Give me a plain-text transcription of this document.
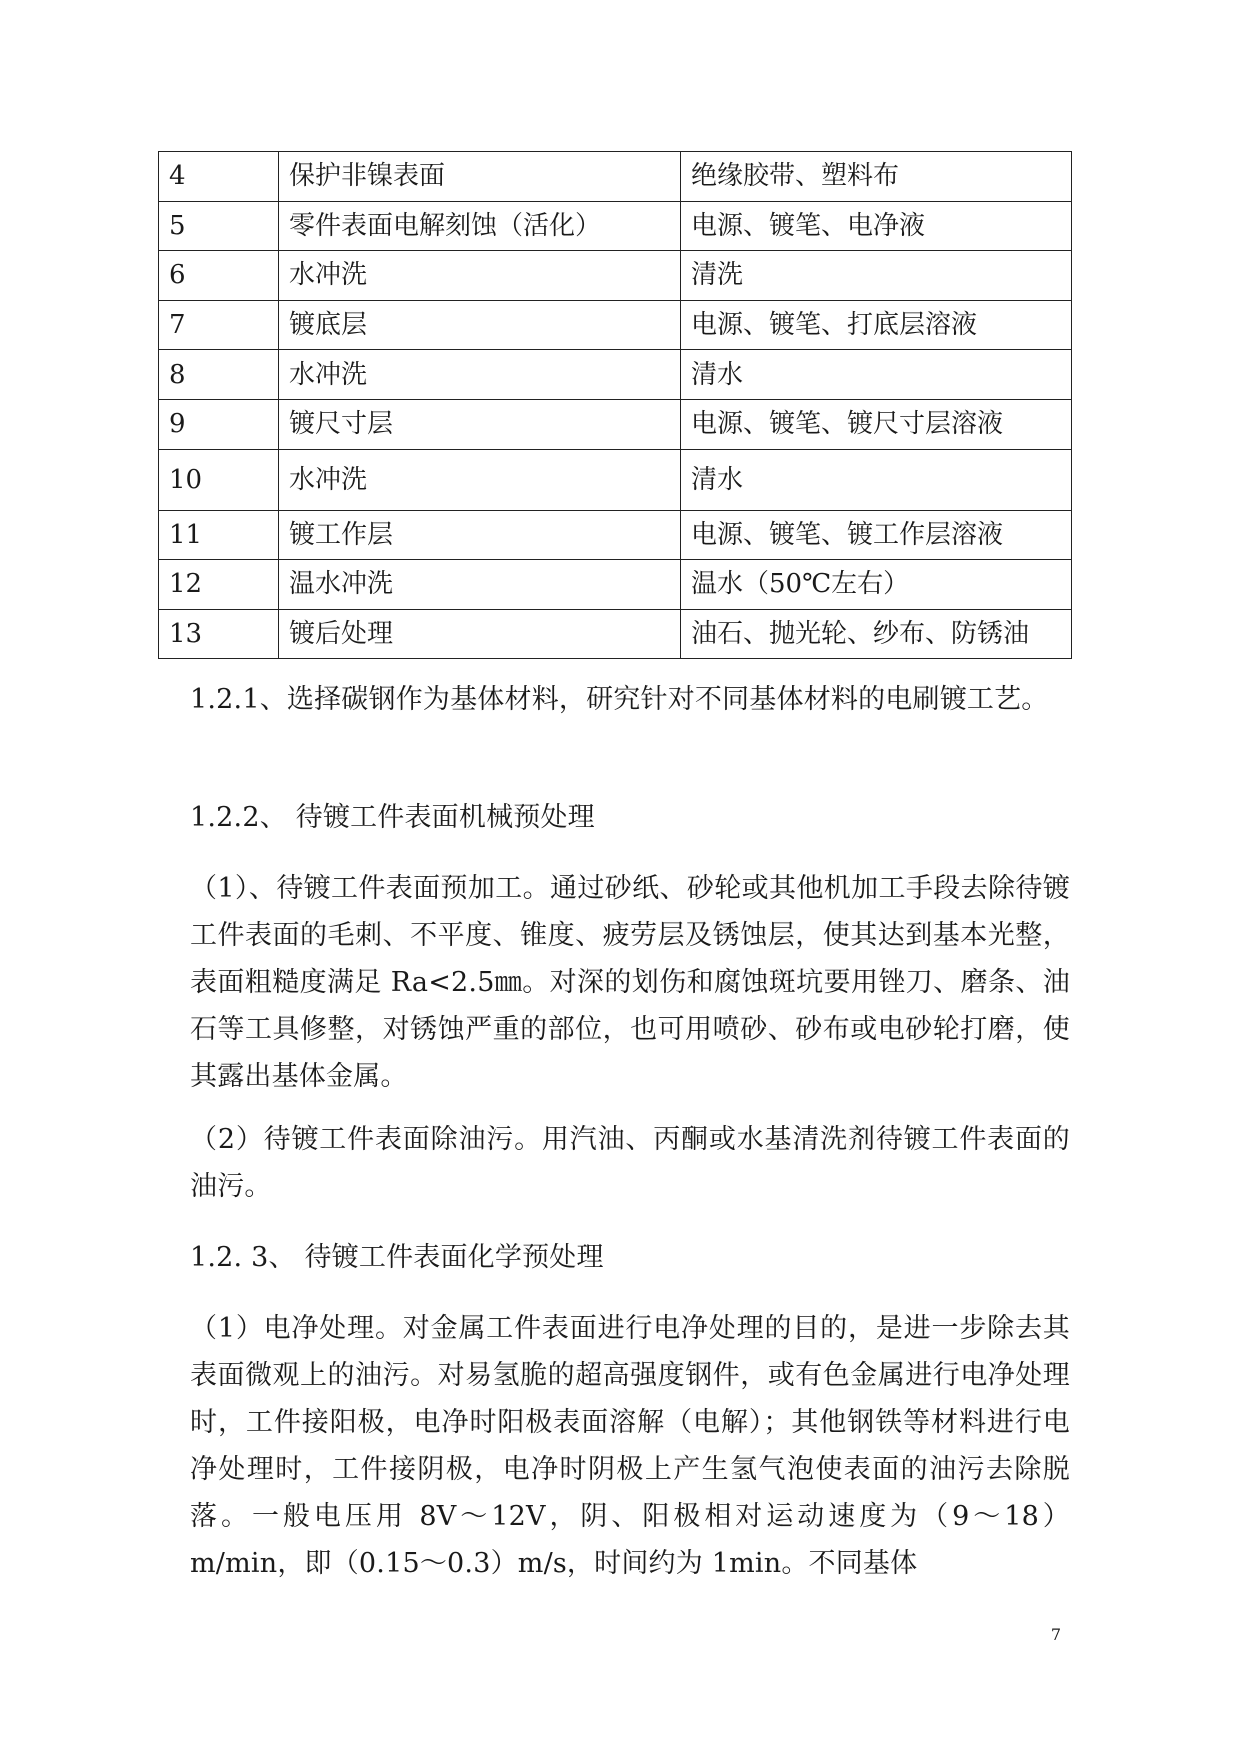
4	保护非镍表面	绝缘胶带、塑料布
5	零件表面电解刻蚀（活化）	电源、镀笔、电净液
6	水冲洗	清洗
7	镀底层	电源、镀笔、打底层溶液
8	水冲洗	清水
9	镀尺寸层	电源、镀笔、镀尺寸层溶液
10	水冲洗	清水
11	镀工作层	电源、镀笔、镀工作层溶液
12	温水冲洗	温水（50℃左右）
13	镀后处理	油石、抛光轮、纱布、防锈油

1.2.1、选择碳钢作为基体材料，研究针对不同基体材料的电刷镀工艺。

1.2.2、 待镀工件表面机械预处理

（1）、待镀工件表面预加工。通过砂纸、砂轮或其他机加工手段去除待镀工件表面的毛刺、不平度、锥度、疲劳层及锈蚀层，使其达到基本光整，表面粗糙度满足 Ra<2.5㎜。对深的划伤和腐蚀斑坑要用锉刀、磨条、油石等工具修整，对锈蚀严重的部位，也可用喷砂、砂布或电砂轮打磨，使其露出基体金属。

（2）待镀工件表面除油污。用汽油、丙酮或水基清洗剂待镀工件表面的油污。

1.2. 3、 待镀工件表面化学预处理

（1）电净处理。对金属工件表面进行电净处理的目的，是进一步除去其表面微观上的油污。对易氢脆的超高强度钢件，或有色金属进行电净处理时，工件接阳极，电净时阳极表面溶解（电解）；其他钢铁等材料进行电净处理时，工件接阴极，电净时阴极上产生氢气泡使表面的油污去除脱落。一般电压用 8V～12V，阴、阳极相对运动速度为（9～18）m/min，即（0.15～0.3）m/s，时间约为 1min。不同基体

7
